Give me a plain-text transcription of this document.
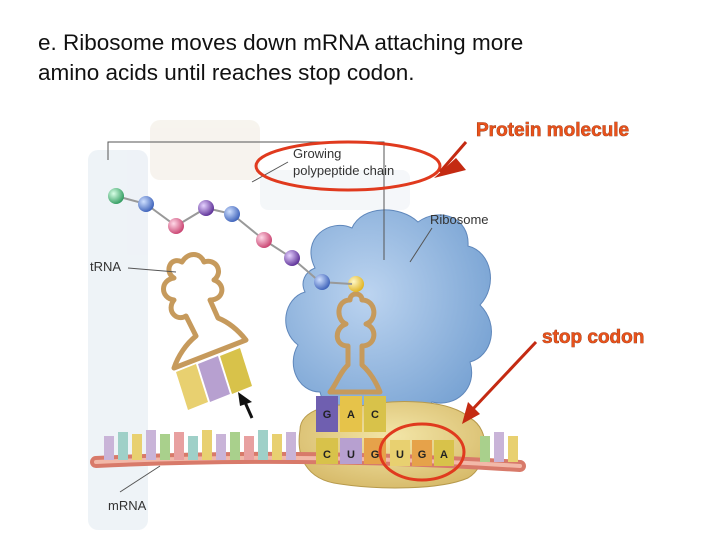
e. Ribosome moves down mRNA attaching more
amino acids until reaches stop codon.
C U G U G A
G A C
Growing
polypeptide chain
Ribosome
tRNA
mRNA
Protein molecule
stop codon
